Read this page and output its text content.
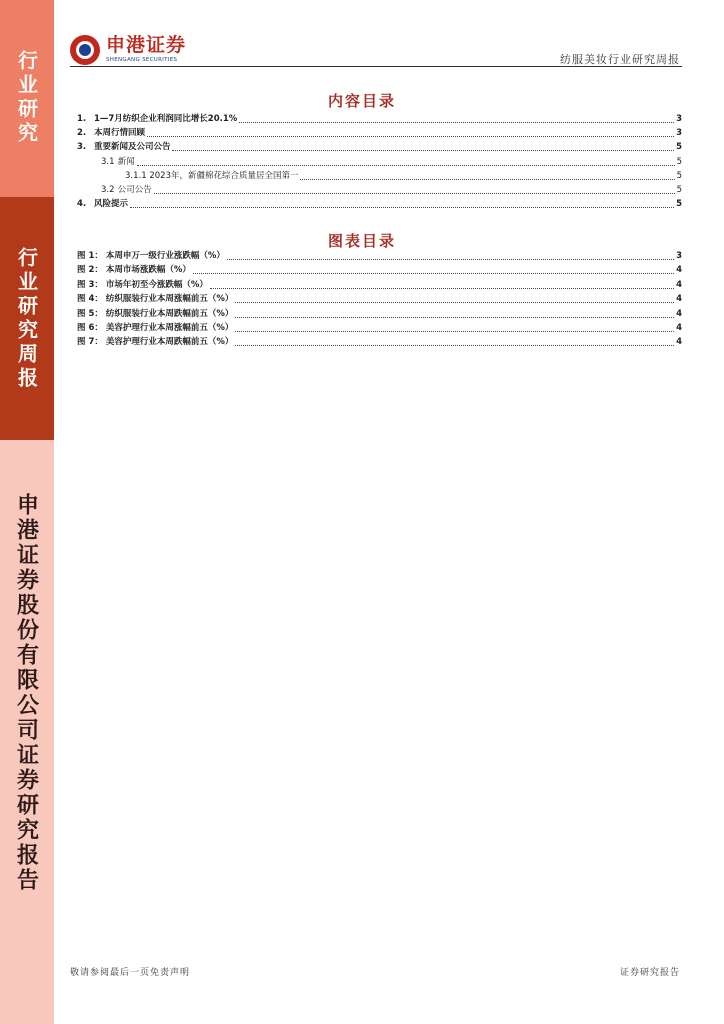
行业研究
行业研究周报
申港证券股份有限公司证券研究报告
申港证券
SHENGANG SECURITIES	纺服美妆行业研究周报
内容目录
1. 1—7月纺织企业利润同比增长20.1%	3
2. 本周行情回顾	3
3. 重要新闻及公司公告	5
3.1 新闻	5
3.1.1 2023年，新疆棉花综合质量居全国第一	5
3.2 公司公告	5
4. 风险提示	5
图表目录
图 1： 本周申万一级行业涨跌幅（%）	3
图 2： 本周市场涨跌幅（%）	4
图 3： 市场年初至今涨跌幅（%）	4
图 4： 纺织服装行业本周涨幅前五（%）	4
图 5： 纺织服装行业本周跌幅前五（%）	4
图 6： 美容护理行业本周涨幅前五（%）	4
图 7： 美容护理行业本周跌幅前五（%）	4
敬请参阅最后一页免责声明	证券研究报告
